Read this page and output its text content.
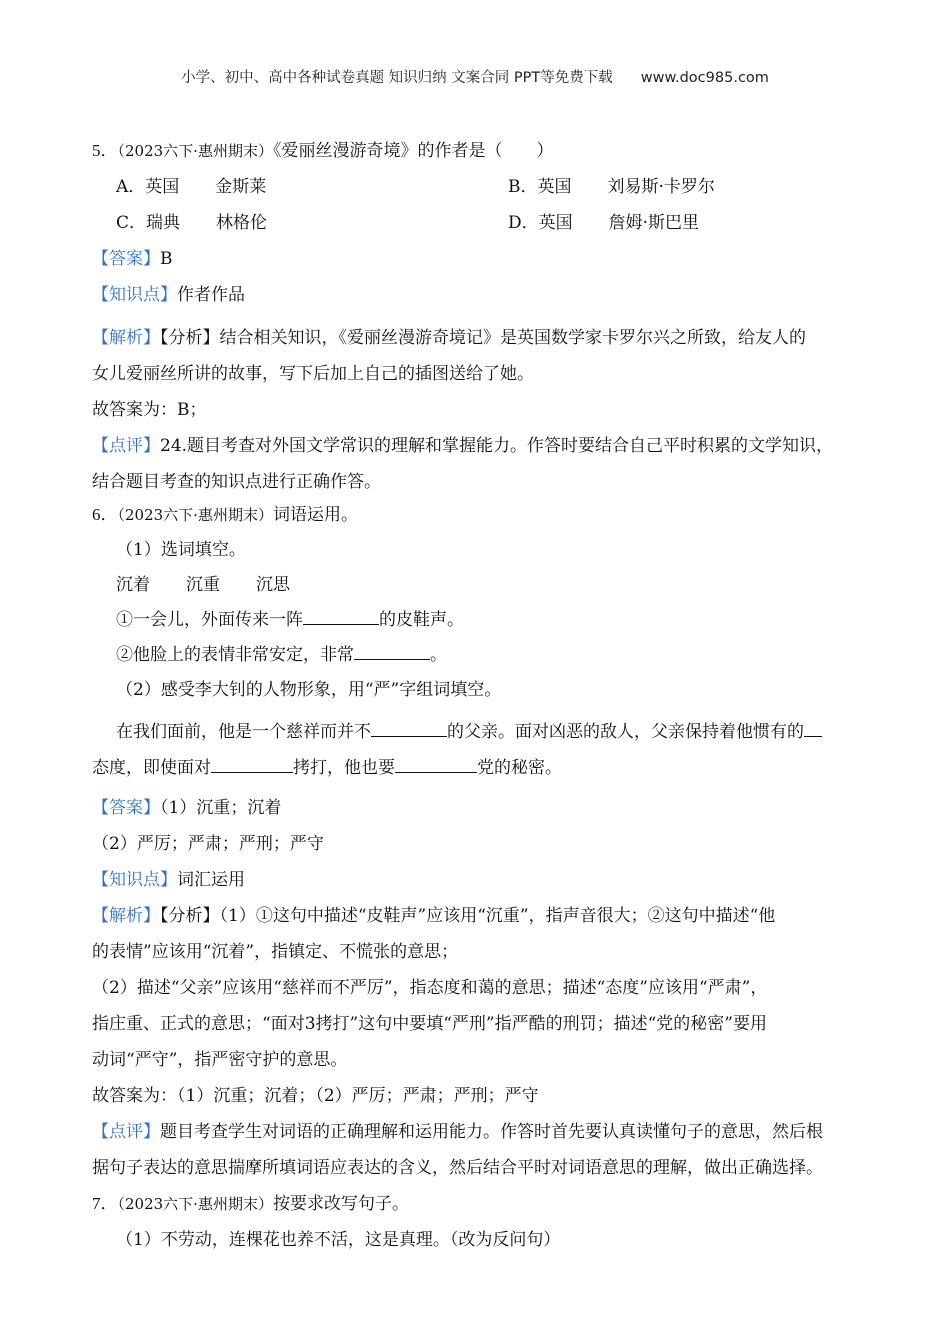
小学、初中、高中各种试卷真题 知识归纳 文案合同 PPT等免费下载 www.doc985.com
5．（2023六下·惠州期末）《爱丽丝漫游奇境》的作者是（　　）
A．英国 金斯莱	B．英国 刘易斯·卡罗尔
C．瑞典 林格伦	D．英国 詹姆·斯巴里
【答案】B
【知识点】作者作品
【解析】【分析】结合相关知识，《爱丽丝漫游奇境记》是英国数学家卡罗尔兴之所致，给友人的
女儿爱丽丝所讲的故事，写下后加上自己的插图送给了她。
故答案为：B；
【点评】24.题目考查对外国文学常识的理解和掌握能力。作答时要结合自己平时积累的文学知识，
结合题目考查的知识点进行正确作答。
6．（2023六下·惠州期末）词语运用。
（1）选词填空。
沉着 沉重 沉思
①一会儿，外面传来一阵	的皮鞋声。
②他脸上的表情非常安定，非常	。
（2）感受李大钊的人物形象，用“严”字组词填空。
在我们面前，他是一个慈祥而并不	的父亲。面对凶恶的敌人，父亲保持着他惯有的
态度，即使面对	拷打，他也要	党的秘密。
【答案】（1）沉重；沉着
（2）严厉；严肃；严刑；严守
【知识点】词汇运用
【解析】【分析】（1）①这句中描述“皮鞋声”应该用“沉重”，指声音很大；②这句中描述“他
的表情”应该用“沉着”，指镇定、不慌张的意思；
（2）描述“父亲”应该用“慈祥而不严厉”，指态度和蔼的意思；描述“态度”应该用“严肃”，
指庄重、正式的意思；“面对3拷打”这句中要填“严刑”指严酷的刑罚；描述“党的秘密”要用
动词“严守”，指严密守护的意思。
故答案为：（1）沉重；沉着；（2）严厉；严肃；严刑；严守
【点评】题目考查学生对词语的正确理解和运用能力。作答时首先要认真读懂句子的意思，然后根
据句子表达的意思揣摩所填词语应表达的含义，然后结合平时对词语意思的理解，做出正确选择。
7．（2023六下·惠州期末）按要求改写句子。
（1）不劳动，连棵花也养不活，这是真理。（改为反问句）
